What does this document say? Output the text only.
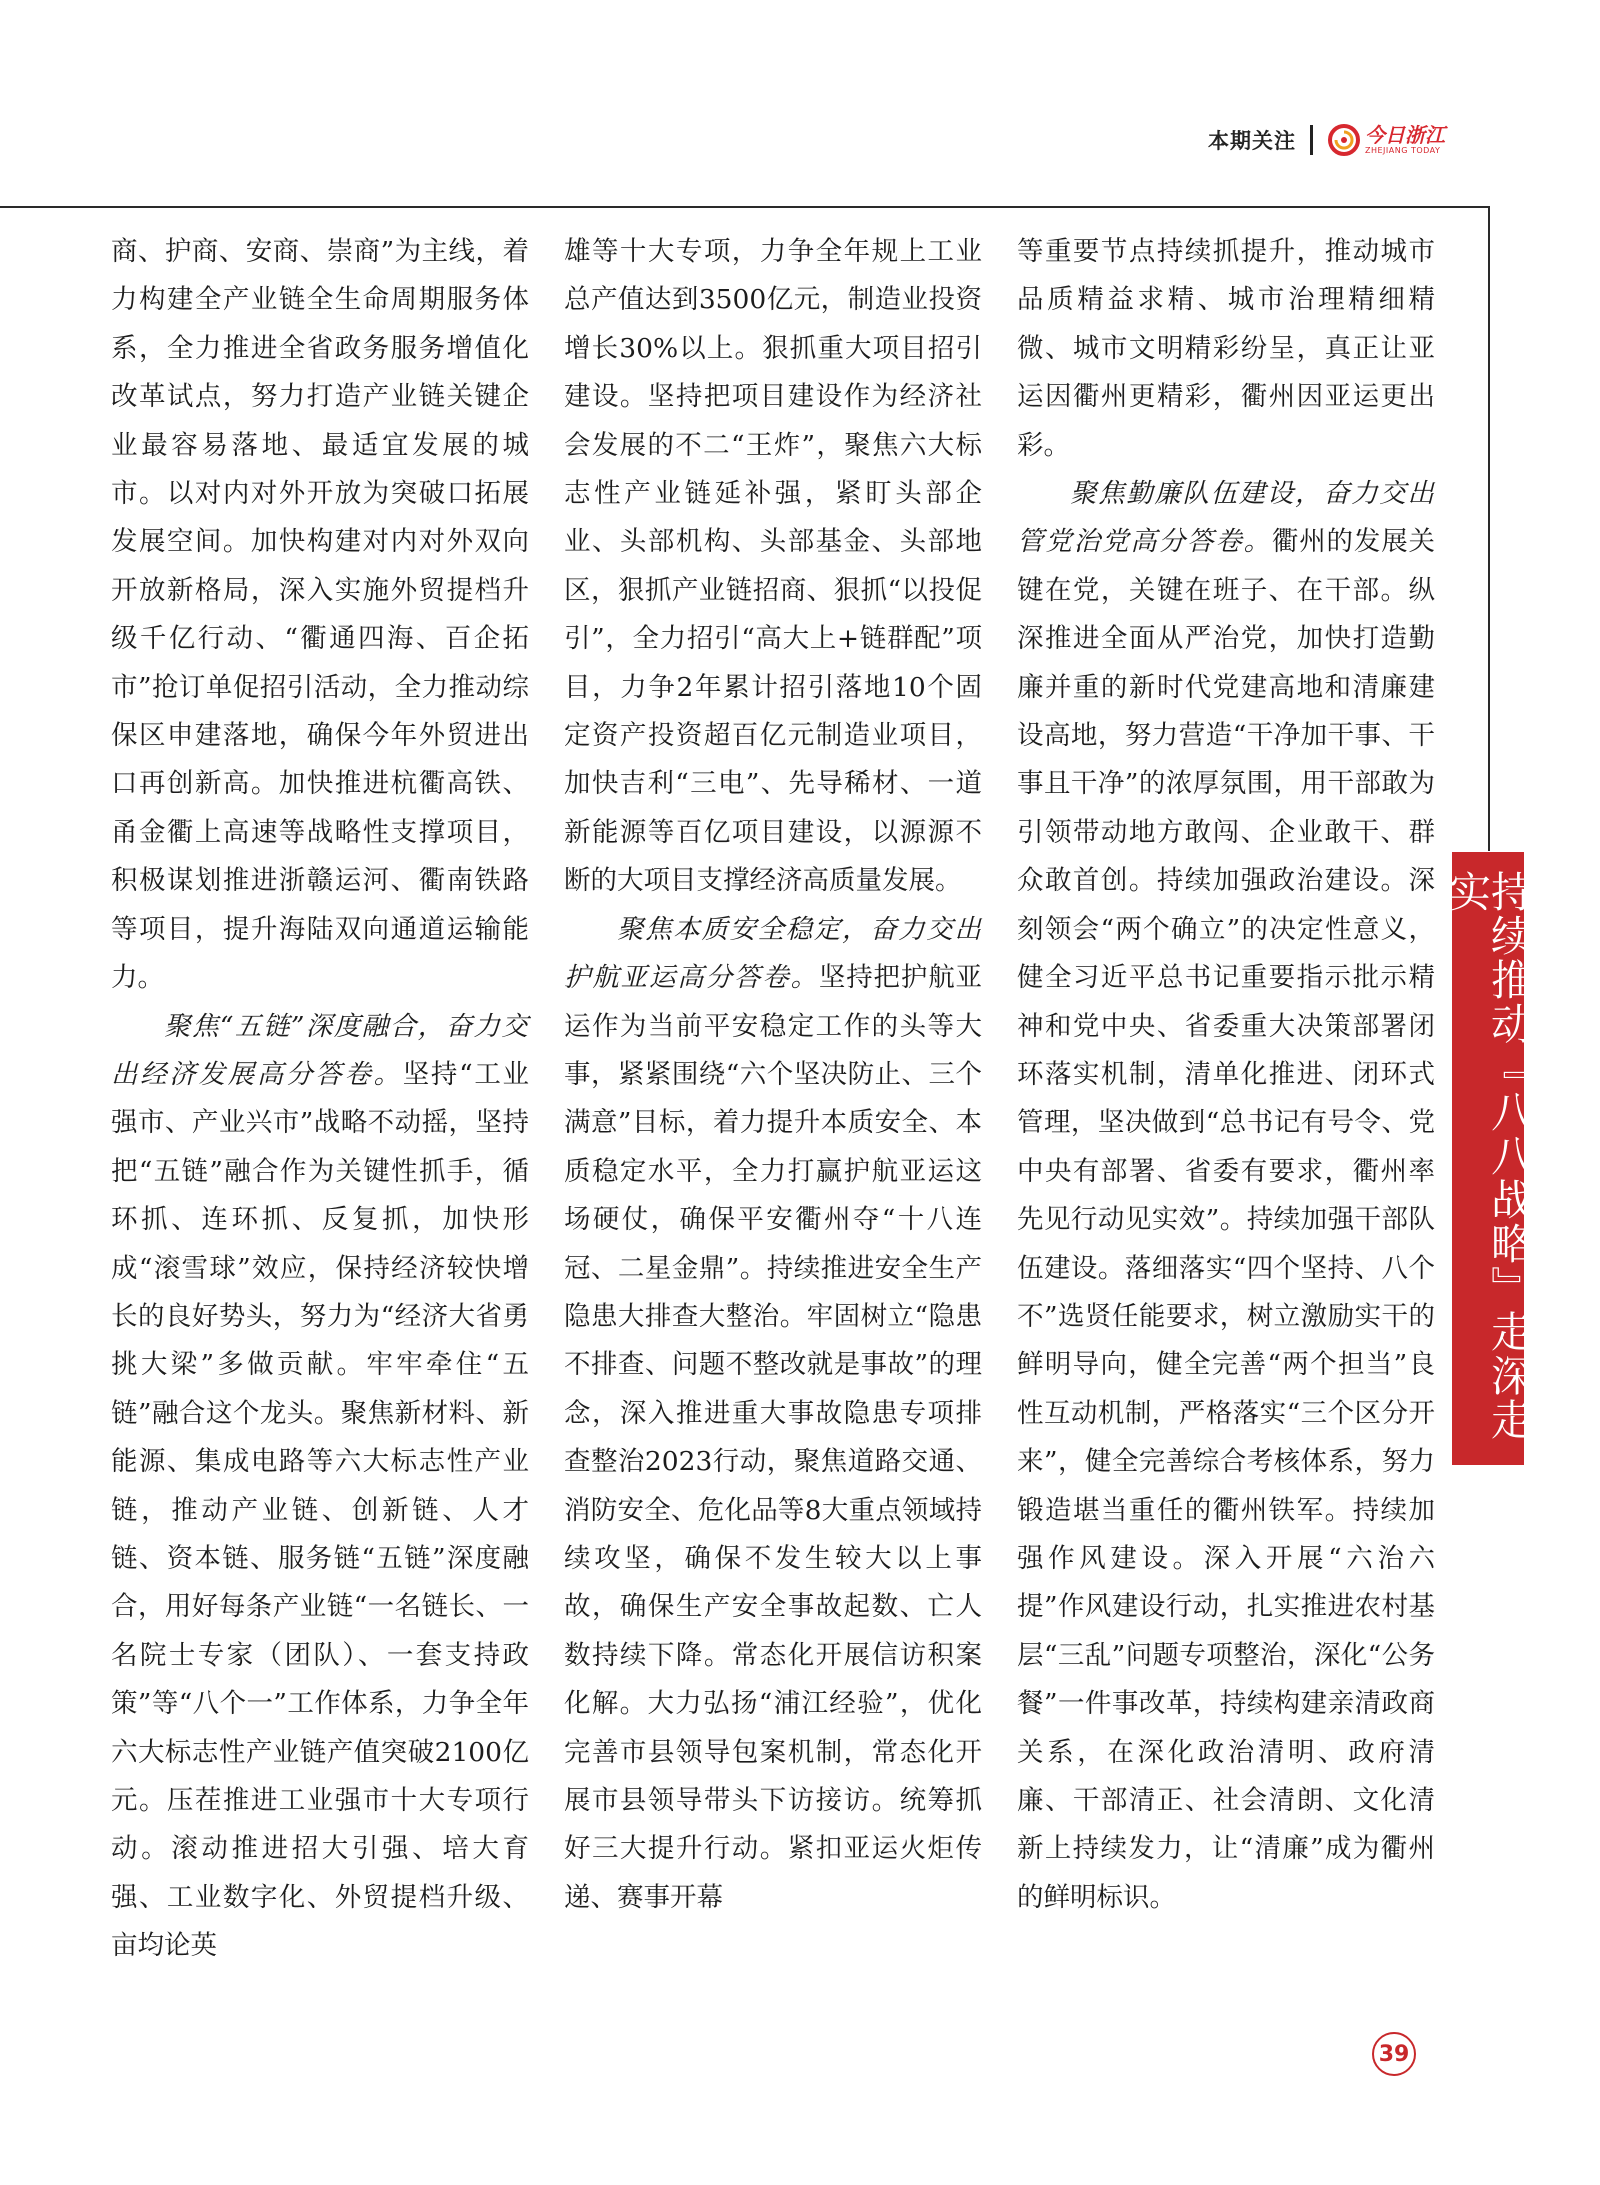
本期关注	今日浙江
ZHEJIANG TODAY

商、护商、安商、崇商”为主线，着力构建全产业链全生命周期服务体系，全力推进全省政务服务增值化改革试点，努力打造产业链关键企业最容易落地、最适宜发展的城市。以对内对外开放为突破口拓展发展空间。加快构建对内对外双向开放新格局，深入实施外贸提档升级千亿行动、“衢通四海、百企拓市”抢订单促招引活动，全力推动综保区申建落地，确保今年外贸进出口再创新高。加快推进杭衢高铁、甬金衢上高速等战略性支撑项目，积极谋划推进浙赣运河、衢南铁路等项目，提升海陆双向通道运输能力。

聚焦“五链”深度融合，奋力交出经济发展高分答卷。坚持“工业强市、产业兴市”战略不动摇，坚持把“五链”融合作为关键性抓手，循环抓、连环抓、反复抓，加快形成“滚雪球”效应，保持经济较快增长的良好势头，努力为“经济大省勇挑大梁”多做贡献。牢牢牵住“五链”融合这个龙头。聚焦新材料、新能源、集成电路等六大标志性产业链，推动产业链、创新链、人才链、资本链、服务链“五链”深度融合，用好每条产业链“一名链长、一名院士专家（团队）、一套支持政策”等“八个一”工作体系，力争全年六大标志性产业链产值突破2100亿元。压茬推进工业强市十大专项行动。滚动推进招大引强、培大育强、工业数字化、外贸提档升级、亩均论英

雄等十大专项，力争全年规上工业总产值达到3500亿元，制造业投资增长30%以上。狠抓重大项目招引建设。坚持把项目建设作为经济社会发展的不二“王炸”，聚焦六大标志性产业链延补强，紧盯头部企业、头部机构、头部基金、头部地区，狠抓产业链招商、狠抓“以投促引”，全力招引“高大上+链群配”项目，力争2年累计招引落地10个固定资产投资超百亿元制造业项目，加快吉利“三电”、先导稀材、一道新能源等百亿项目建设，以源源不断的大项目支撑经济高质量发展。

聚焦本质安全稳定，奋力交出护航亚运高分答卷。坚持把护航亚运作为当前平安稳定工作的头等大事，紧紧围绕“六个坚决防止、三个满意”目标，着力提升本质安全、本质稳定水平，全力打赢护航亚运这场硬仗，确保平安衢州夺“十八连冠、二星金鼎”。持续推进安全生产隐患大排查大整治。牢固树立“隐患不排查、问题不整改就是事故”的理念，深入推进重大事故隐患专项排查整治2023行动，聚焦道路交通、消防安全、危化品等8大重点领域持续攻坚，确保不发生较大以上事故，确保生产安全事故起数、亡人数持续下降。常态化开展信访积案化解。大力弘扬“浦江经验”，优化完善市县领导包案机制，常态化开展市县领导带头下访接访。统筹抓好三大提升行动。紧扣亚运火炬传递、赛事开幕

等重要节点持续抓提升，推动城市品质精益求精、城市治理精细精微、城市文明精彩纷呈，真正让亚运因衢州更精彩，衢州因亚运更出彩。

聚焦勤廉队伍建设，奋力交出管党治党高分答卷。衢州的发展关键在党，关键在班子、在干部。纵深推进全面从严治党，加快打造勤廉并重的新时代党建高地和清廉建设高地，努力营造“干净加干事、干事且干净”的浓厚氛围，用干部敢为引领带动地方敢闯、企业敢干、群众敢首创。持续加强政治建设。深刻领会“两个确立”的决定性意义，健全习近平总书记重要指示批示精神和党中央、省委重大决策部署闭环落实机制，清单化推进、闭环式管理，坚决做到“总书记有号令、党中央有部署、省委有要求，衢州率先见行动见实效”。持续加强干部队伍建设。落细落实“四个坚持、八个不”选贤任能要求，树立激励实干的鲜明导向，健全完善“两个担当”良性互动机制，严格落实“三个区分开来”，健全完善综合考核体系，努力锻造堪当重任的衢州铁军。持续加强作风建设。深入开展“六治六提”作风建设行动，扎实推进农村基层“三乱”问题专项整治，深化“公务餐”一件事改革，持续构建亲清政商关系，在深化政治清明、政府清廉、干部清正、社会清朗、文化清新上持续发力，让“清廉”成为衢州的鲜明标识。

持续推动『八八战略』走深走实
39
